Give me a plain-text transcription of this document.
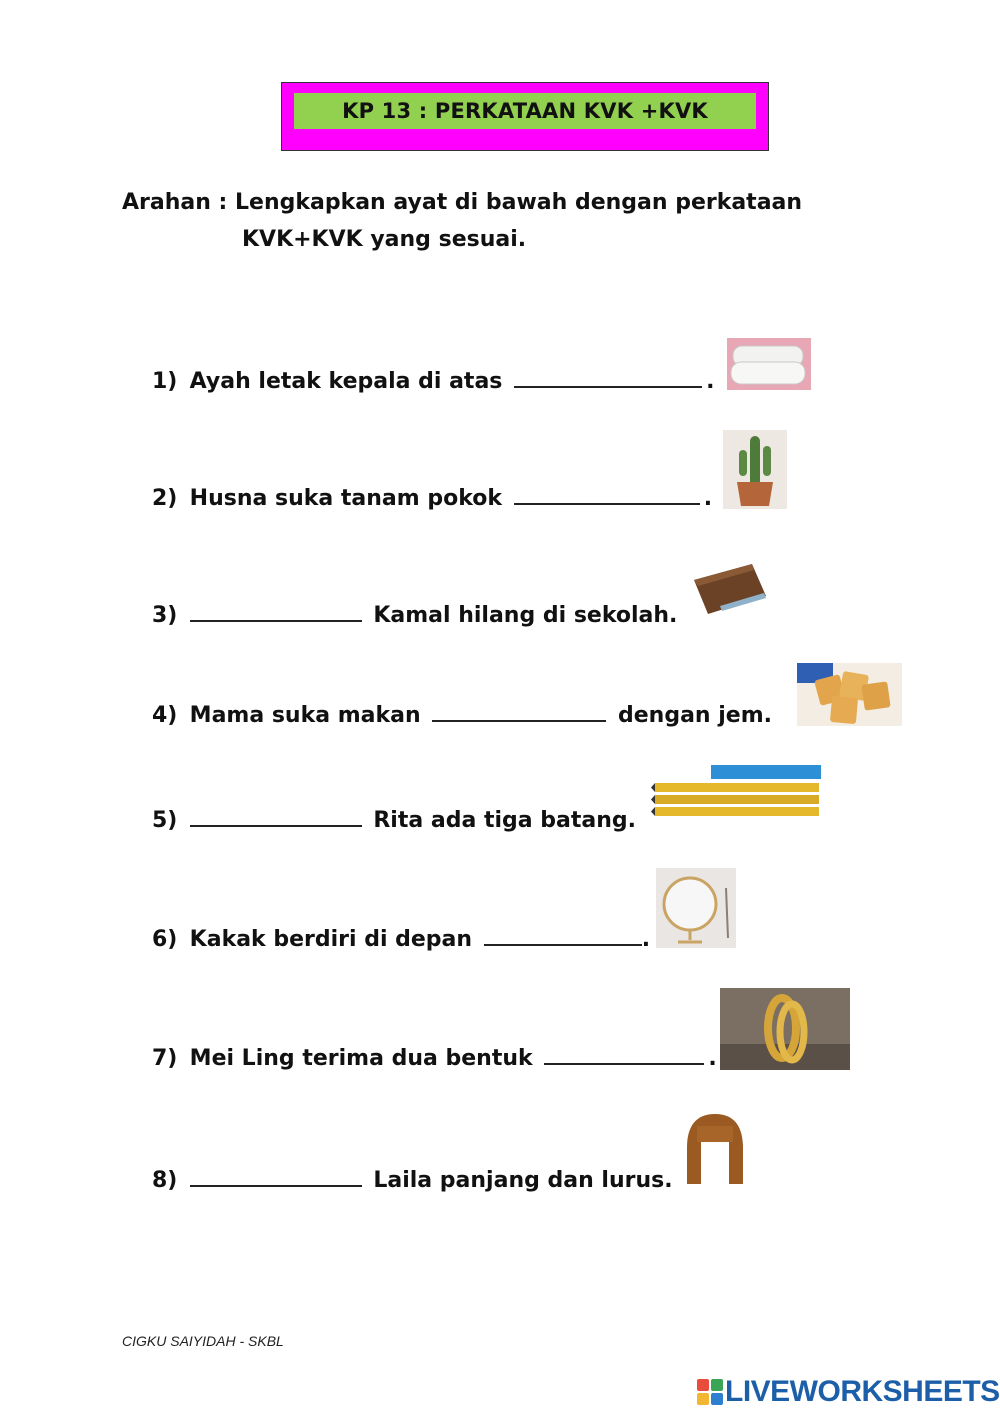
KP 13 : PERKATAAN KVK +KVK
Arahan : Lengkapkan ayat di bawah dengan perkataan
KVK+KVK yang sesuai.
1) Ayah letak kepala di atas	.
2) Husna suka tanam pokok	.
3)	Kamal hilang di sekolah.
4) Mama suka makan	dengan jem.
5)	Rita ada tiga batang.
6) Kakak berdiri di depan	.
7) Mei Ling terima dua bentuk	.
8)	Laila panjang dan lurus.
CIGKU SAIYIDAH - SKBL
LIVEWORKSHEETS
